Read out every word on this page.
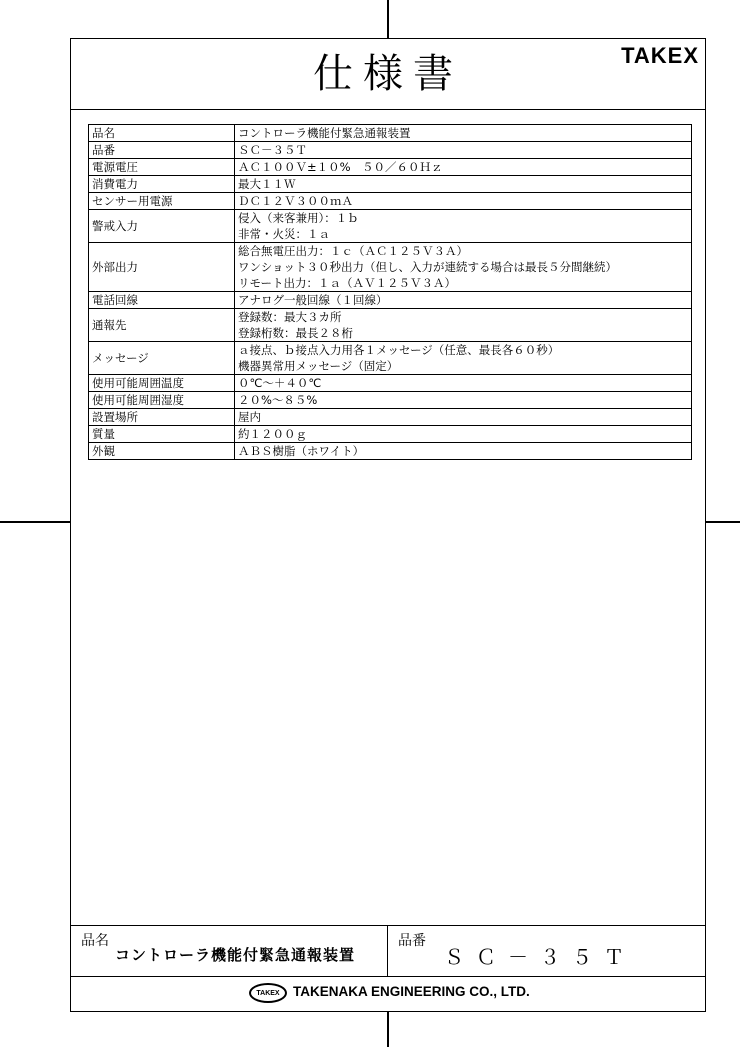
仕様書	TAKEX
品名	コントローラ機能付緊急通報装置

品番	ＳＣ－３５Ｔ

電源電圧	ＡＣ１００Ｖ±１０%　５０／６０Ｈｚ

消費電力	最大１１Ｗ

センサー用電源	ＤＣ１２Ｖ３００ｍＡ

警戒入力	侵入（来客兼用）：１ｂ
非常・火災：１ａ

外部出力	総合無電圧出力：１ｃ（ＡＣ１２５Ｖ３Ａ）
ワンショット３０秒出力（但し、入力が連続する場合は最長５分間継続）
リモート出力：１ａ（ＡＶ１２５Ｖ３Ａ）

電話回線	アナログ一般回線（１回線）

通報先	登録数：最大３カ所
登録桁数：最長２８桁

メッセージ	ａ接点、ｂ接点入力用各１メッセージ（任意、最長各６０秒）
機器異常用メッセージ（固定）

使用可能周囲温度	０℃～＋４０℃

使用可能周囲湿度	２０%～８５%

設置場所	屋内

質量	約１２００ｇ

外観	ＡＢＳ樹脂（ホワイト）
品名
コントローラ機能付緊急通報装置
品番
ＳＣ－３５Ｔ
TAKEX TAKENAKA ENGINEERING CO., LTD.
